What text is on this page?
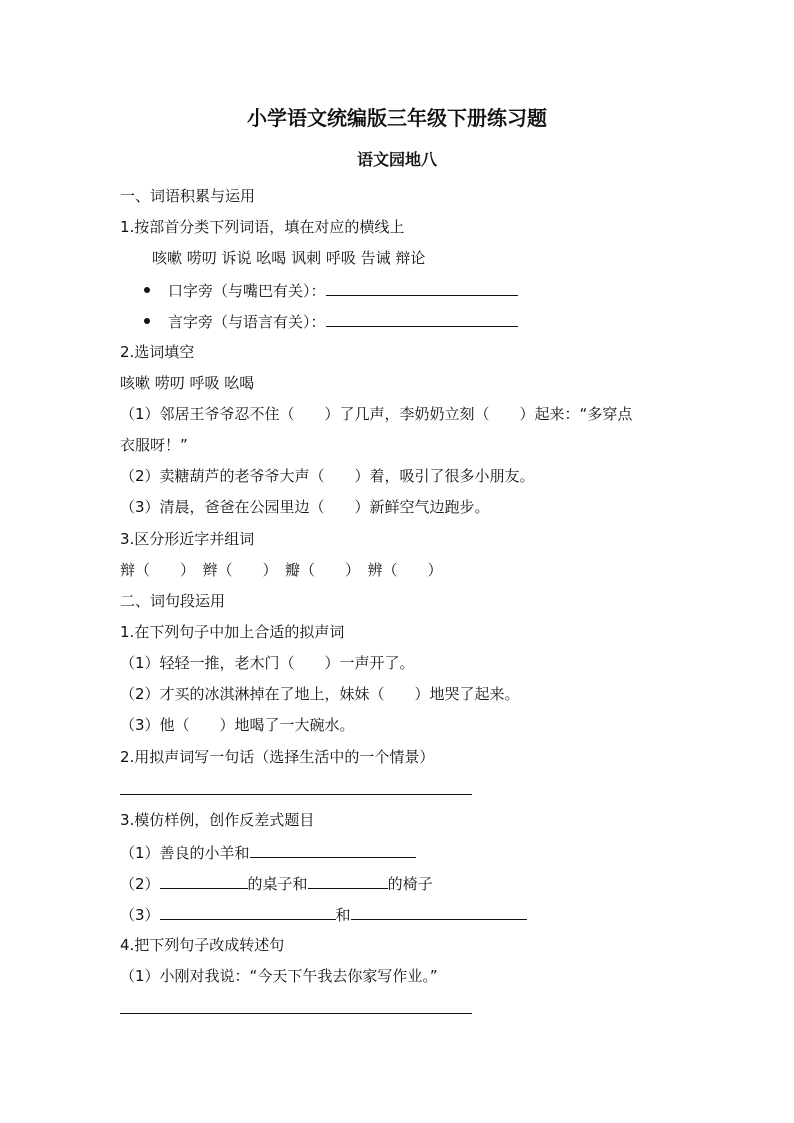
小学语文统编版三年级下册练习题
语文园地八
一、词语积累与运用
1.按部首分类下列词语，填在对应的横线上
咳嗽 唠叨 诉说 吆喝 讽刺 呼吸 告诫 辩论
口字旁（与嘴巴有关）：
言字旁（与语言有关）：
2.选词填空
咳嗽 唠叨 呼吸 吆喝
（1）邻居王爷爷忍不住（　　）了几声，李奶奶立刻（　　）起来：“多穿点
衣服呀！”
（2）卖糖葫芦的老爷爷大声（　　）着，吸引了很多小朋友。
（3）清晨，爸爸在公园里边（　　）新鲜空气边跑步。
3.区分形近字并组词
辩（　　）　辫（　　）　瓣（　　）　辨（　　）
二、词句段运用
1.在下列句子中加上合适的拟声词
（1）轻轻一推，老木门（　　）一声开了。
（2）才买的冰淇淋掉在了地上，妹妹（　　）地哭了起来。
（3）他（　　）地喝了一大碗水。
2.用拟声词写一句话（选择生活中的一个情景）
3.模仿样例，创作反差式题目
（1）善良的小羊和
（2）	的桌子和	的椅子
（3）	和
4.把下列句子改成转述句
（1）小刚对我说：“今天下午我去你家写作业。”
